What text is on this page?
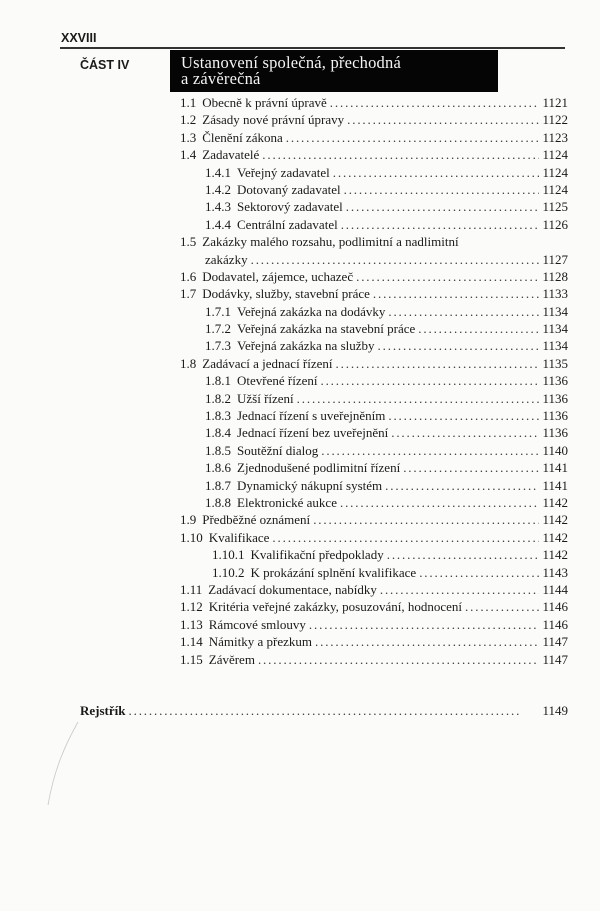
XXVIII
ČÁST IV	Ustanovení společná, přechodná
a závěrečná
1.1 Obecně k právní úpravě . . .	1121
1.2 Zásady nové právní úpravy . . .	1122
1.3 Členění zákona . . .	1123
1.4 Zadavatelé . . .	1124
1.4.1 Veřejný zadavatel . . .	1124
1.4.2 Dotovaný zadavatel . . .	1124
1.4.3 Sektorový zadavatel . . .	1125
1.4.4 Centrální zadavatel . . .	1126
1.5 Zakázky malého rozsahu, podlimitní a nadlimitní
zakázky . . .	1127
1.6 Dodavatel, zájemce, uchazeč . . .	1128
1.7 Dodávky, služby, stavební práce . . .	1133
1.7.1 Veřejná zakázka na dodávky . . .	1134
1.7.2 Veřejná zakázka na stavební práce . . .	1134
1.7.3 Veřejná zakázka na služby . . .	1134
1.8 Zadávací a jednací řízení . . .	1135
1.8.1 Otevřené řízení . . .	1136
1.8.2 Užší řízení . . .	1136
1.8.3 Jednací řízení s uveřejněním . . .	1136
1.8.4 Jednací řízení bez uveřejnění . . .	1136
1.8.5 Soutěžní dialog . . .	1140
1.8.6 Zjednodušené podlimitní řízení . . .	1141
1.8.7 Dynamický nákupní systém . . .	1141
1.8.8 Elektronické aukce . . .	1142
1.9 Předběžné oznámení . . .	1142
1.10 Kvalifikace . . .	1142
1.10.1 Kvalifikační předpoklady . . .	1142
1.10.2 K prokázání splnění kvalifikace . . .	1143
1.11 Zadávací dokumentace, nabídky . . .	1144
1.12 Kritéria veřejné zakázky, posuzování, hodnocení . . .	1146
1.13 Rámcové smlouvy . . .	1146
1.14 Námitky a přezkum . . .	1147
1.15 Závěrem . . .	1147
Rejstřík . . .	1149
